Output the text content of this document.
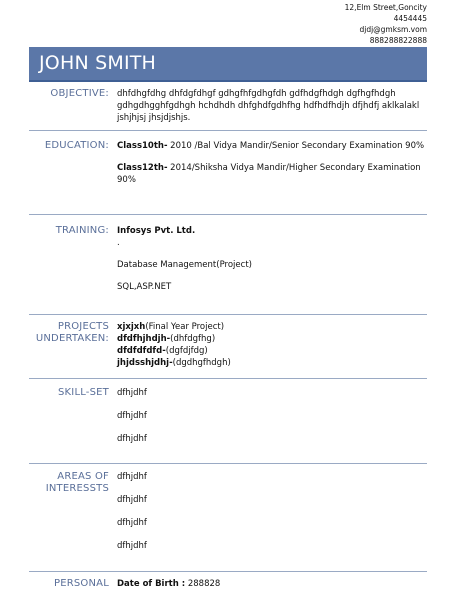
12,Elm Street,Goncity
4454445
djdj@gmksm.vom
888288822888
JOHN SMITH
OBJECTIVE: dhfdhgfdhg dhfdgfdhgf gdhgfhfgdhgfdh gdfhdgfhdgh dgfhgfhdgh gdhgdhgghfgdhgh hchdhdh dhfghdfgdhfhg hdfhdfhdjh dfjhdfj aklkalakl jshjhjsj jhsjdjshjs.

EDUCATION: Class10th- 2010 /Bal Vidya Mandir/Senior Secondary Examination 90%

Class12th- 2014/Shiksha Vidya Mandir/Higher Secondary Examination 90%

TRAINING: Infosys Pvt. Ltd.

.

Database Management(Project)

SQL,ASP.NET

PROJECTS
UNDERTAKEN:

xjxjxh(Final Year Project)

dfdfhjhdjh-(dhfdgfhg)

dfdfdfdfd-(dgfdjfdg)

jhjdsshjdhj-(dgdhgfhdgh)

SKILL-SET dfhjdhf

dfhjdhf

dfhjdhf

AREAS OF
INTERESSTS

dfhjdhf

dfhjdhf

dfhjdhf

dfhjdhf

PERSONAL Date of Birth : 288828
